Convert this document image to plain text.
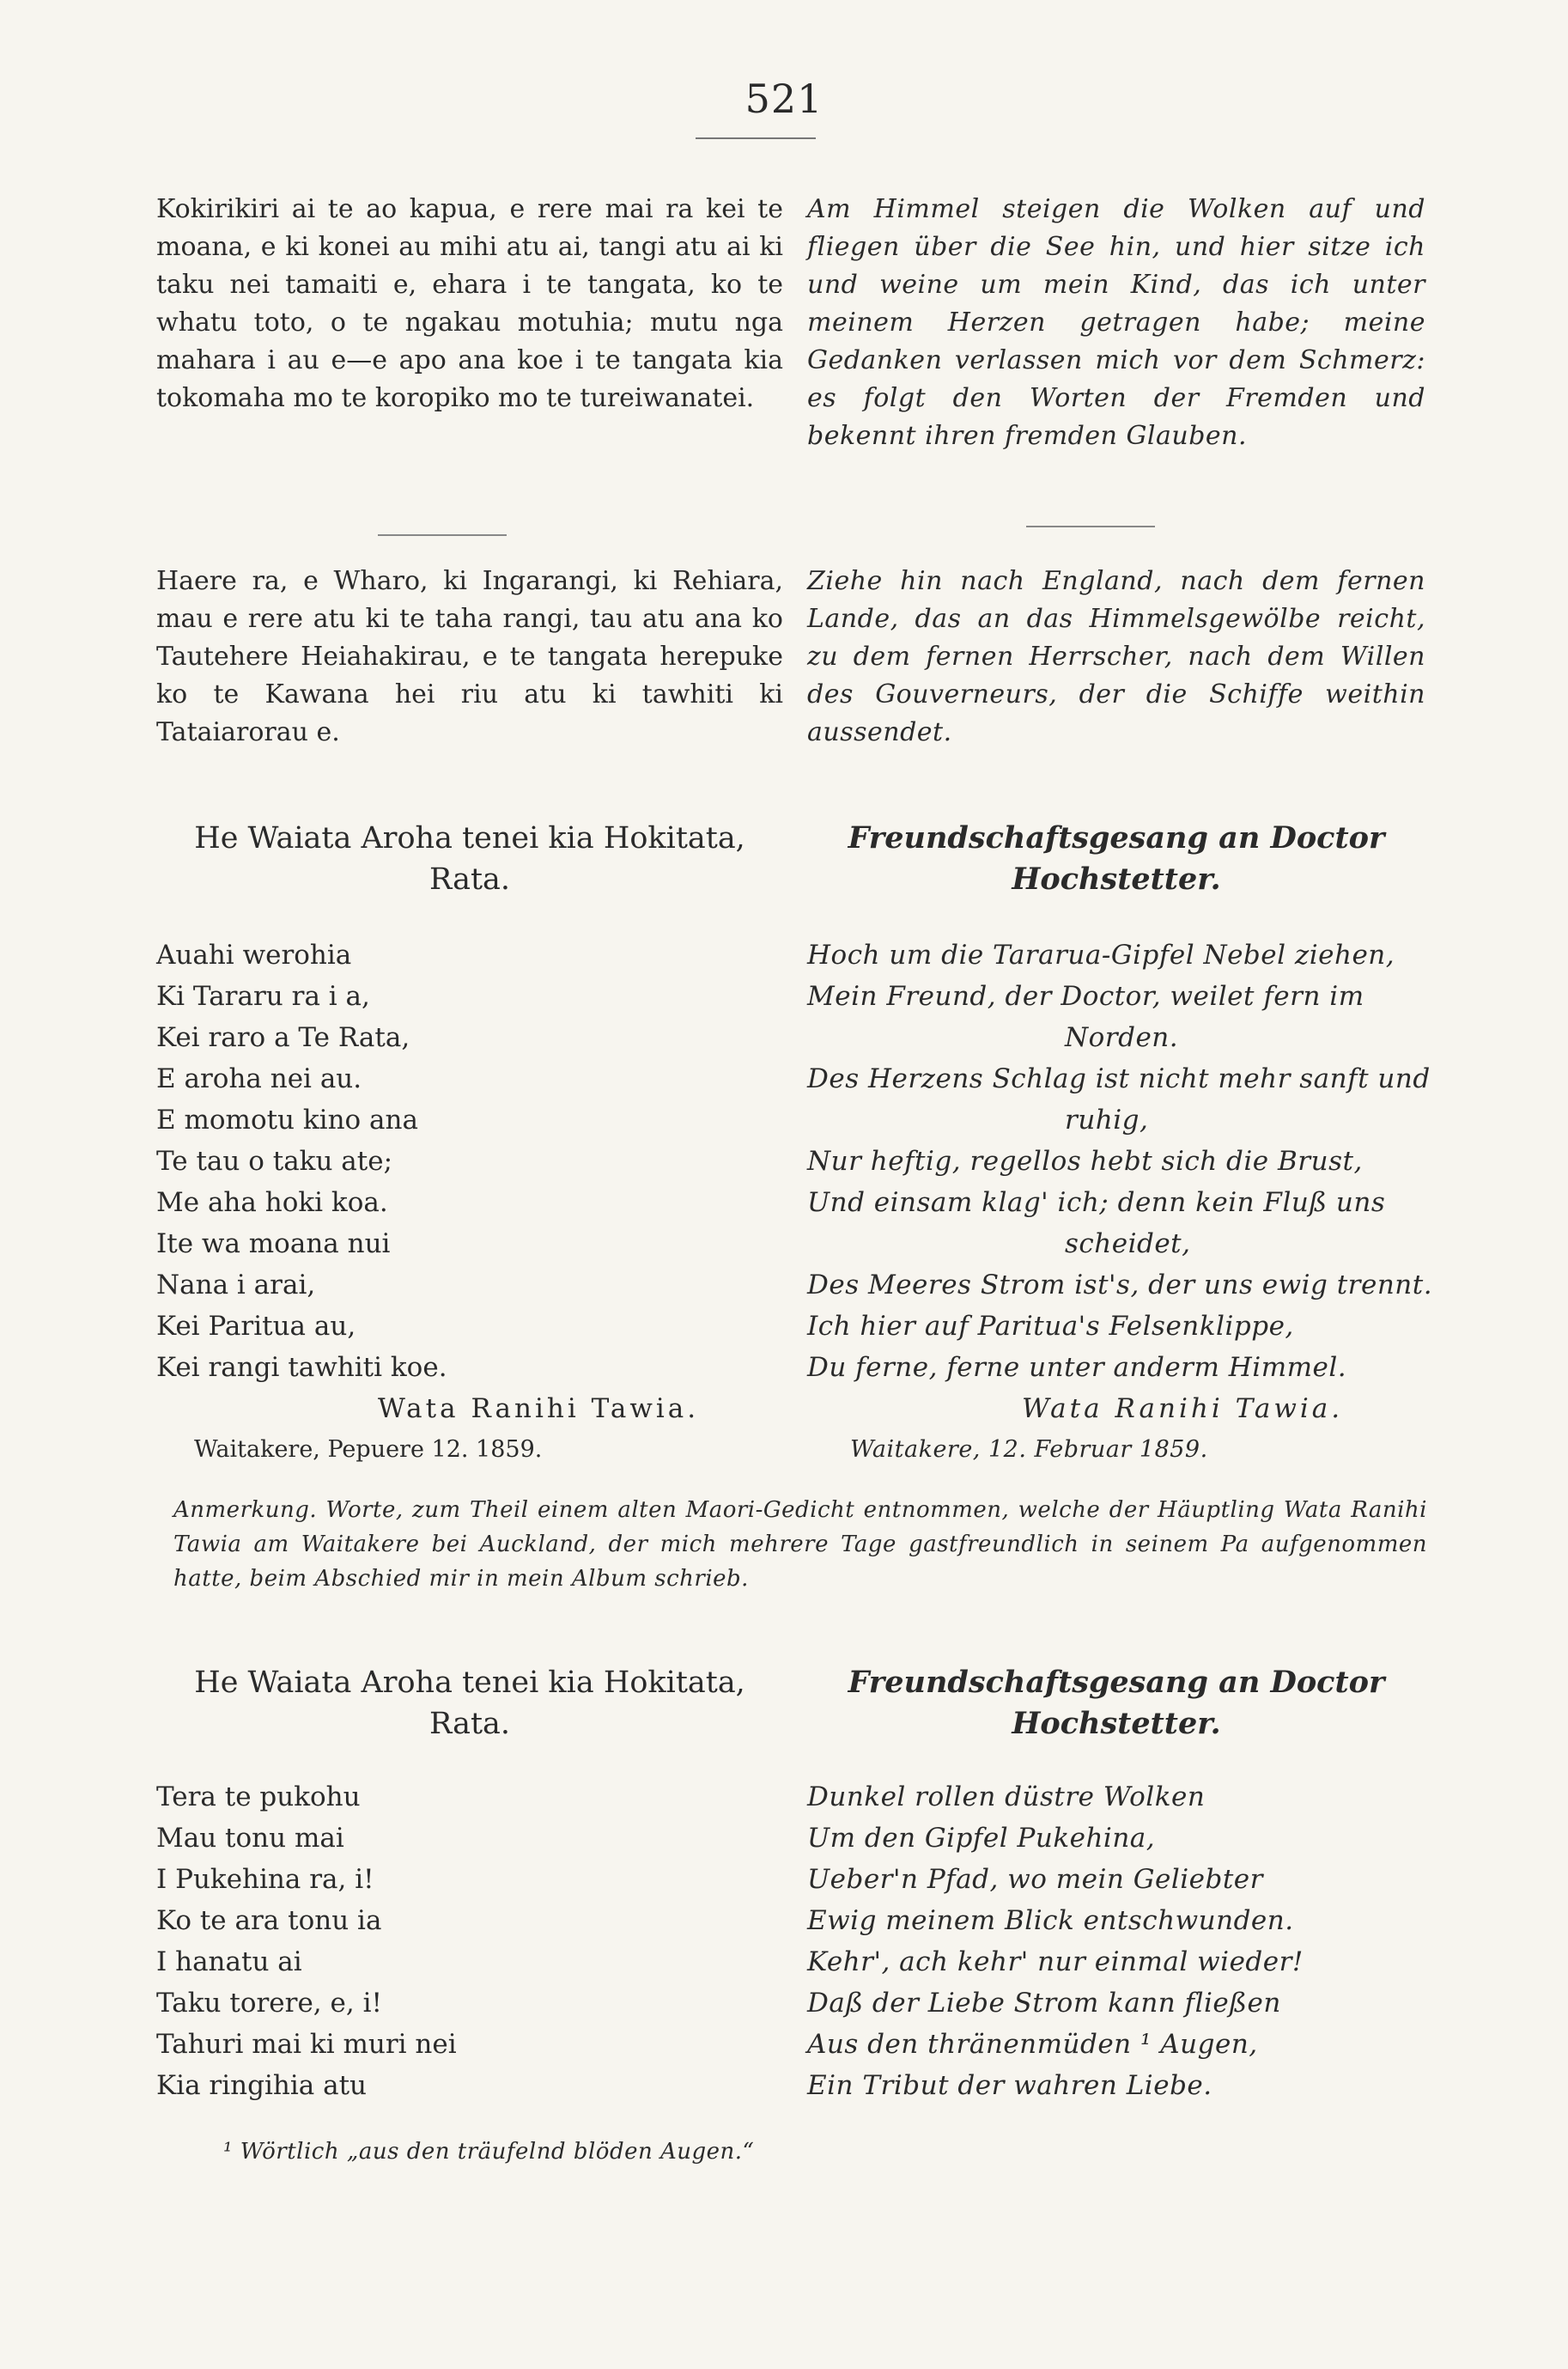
521

Kokirikiri ai te ao kapua, e rere mai ra kei te moana, e ki konei au mihi atu ai, tangi atu ai ki taku nei tamaiti e, ehara i te tangata, ko te whatu toto, o te ngakau motuhia; mutu nga mahara i au e—e apo ana koe i te tangata kia tokomaha mo te koropiko mo te tureiwanatei.

Am Himmel steigen die Wolken auf und fliegen über die See hin, und hier sitze ich und weine um mein Kind, das ich unter meinem Herzen getragen habe; meine Gedanken verlassen mich vor dem Schmerz: es folgt den Worten der Fremden und bekennt ihren fremden Glauben.

Haere ra, e Wharo, ki Ingarangi, ki Rehiara, mau e rere atu ki te taha rangi, tau atu ana ko Tautehere Heiahakirau, e te tangata herepuke ko te Kawana hei riu atu ki tawhiti ki Tataiarorau e.

Ziehe hin nach England, nach dem fernen Lande, das an das Himmelsgewölbe reicht, zu dem fernen Herrscher, nach dem Willen des Gouverneurs, der die Schiffe weithin aussendet.

He Waiata Aroha tenei kia Hokitata, Rata.
Freundschaftsgesang an Doctor Hochstetter.
Auahi werohia
Ki Tararu ra i a,
Kei raro a Te Rata,
E aroha nei au.
E momotu kino ana
Te tau o taku ate;
Me aha hoki koa.
Ite wa moana nui
Nana i arai,
Kei Paritua au,
Kei rangi tawhiti koe.
Hoch um die Tararua-Gipfel Nebel ziehen,
Mein Freund, der Doctor, weilet fern im
Norden.
Des Herzens Schlag ist nicht mehr sanft und
ruhig,
Nur heftig, regellos hebt sich die Brust,
Und einsam klag' ich; denn kein Fluß uns
scheidet,
Des Meeres Strom ist's, der uns ewig trennt.
Ich hier auf Paritua's Felsenklippe,
Du ferne, ferne unter anderm Himmel.
Wata Ranihi Tawia.
Waitakere, Pepuere 12. 1859.
Wata Ranihi Tawia.
Waitakere, 12. Februar 1859.
Anmerkung. Worte, zum Theil einem alten Maori-Gedicht entnommen, welche der Häuptling Wata Ranihi Tawia am Waitakere bei Auckland, der mich mehrere Tage gastfreundlich in seinem Pa aufgenommen hatte, beim Abschied mir in mein Album schrieb.
He Waiata Aroha tenei kia Hokitata, Rata.
Freundschaftsgesang an Doctor Hochstetter.
Tera te pukohu
Mau tonu mai
I Pukehina ra, i!
Ko te ara tonu ia
I hanatu ai
Taku torere, e, i!
Tahuri mai ki muri nei
Kia ringihia atu
Dunkel rollen düstre Wolken
Um den Gipfel Pukehina,
Ueber'n Pfad, wo mein Geliebter
Ewig meinem Blick entschwunden.
Kehr', ach kehr' nur einmal wieder!
Daß der Liebe Strom kann fließen
Aus den thränenmüden ¹ Augen,
Ein Tribut der wahren Liebe.
¹ Wörtlich „aus den träufelnd blöden Augen.“
